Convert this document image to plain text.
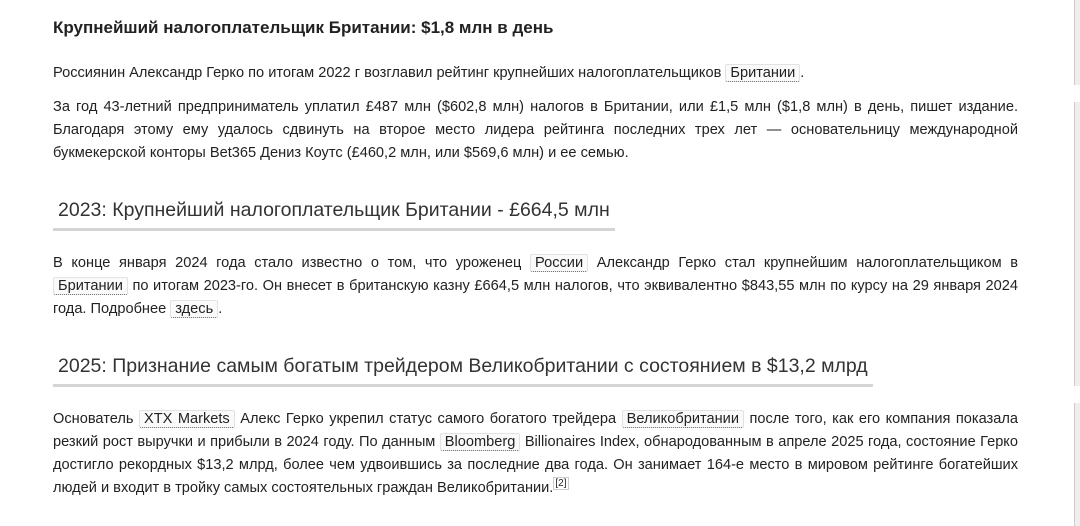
Крупнейший налогоплательщик Британии: $1,8 млн в день

Россиянин Александр Герко по итогам 2022 г возглавил рейтинг крупнейших налогоплательщиков Британии .

За год 43-летний предприниматель уплатил £487 млн ($602,8 млн) налогов в Британии, или £1,5 млн ($1,8 млн) в день, пишет издание. Благодаря этому ему удалось сдвинуть на второе место лидера рейтинга последних трех лет — основательницу международной букмекерской конторы Bet365 Дениз Коутс (£460,2 млн, или $569,6 млн) и ее семью.

2023: Крупнейший налогоплательщик Британии - £664,5 млн

В конце января 2024 года стало известно о том, что уроженец России Александр Герко стал крупнейшим налогоплательщиком в Британии по итогам 2023-го. Он внесет в британскую казну £664,5 млн налогов, что эквивалентно $843,55 млн по курсу на 29 января 2024 года. Подробнее здесь .

2025: Признание самым богатым трейдером Великобритании с состоянием в $13,2 млрд

Основатель XTX Markets Алекс Герко укрепил статус самого богатого трейдера Великобритании после того, как его компания показала резкий рост выручки и прибыли в 2024 году. По данным Bloomberg Billionaires Index, обнародованным в апреле 2025 года, состояние Герко достигло рекордных $13,2 млрд, более чем удвоившись за последние два года. Он занимает 164-е место в мировом рейтинге богатейших людей и входит в тройку самых состоятельных граждан Великобритании. [2]
